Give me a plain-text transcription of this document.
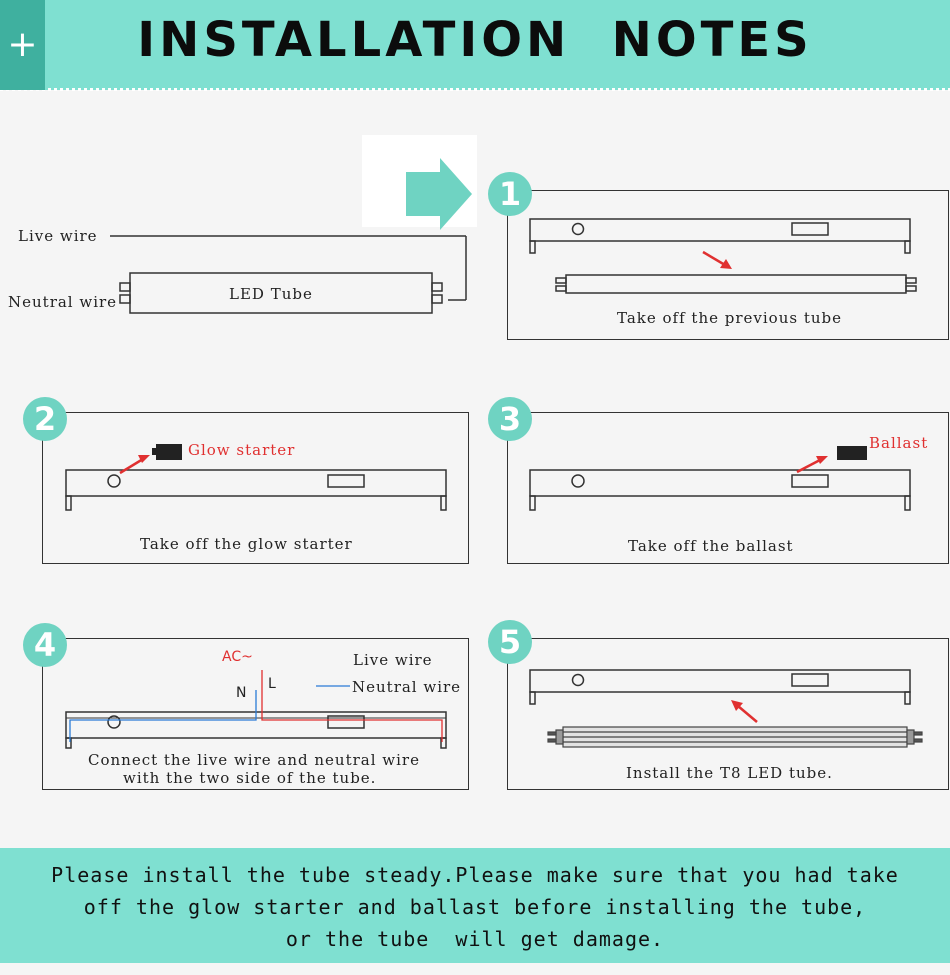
+	INSTALLATION  NOTES
Live wire
Neutral wire	LED Tube
1
2	3
4	5
Take off the previous tube
Glow starter
Take off the glow starter
Ballast
Take off the ballast
AC~
N
L
Live wire
Neutral wire
Connect the live wire and neutral wire
with the two side of the tube.	Install the T8 LED tube.
Please install the tube steady.Please make sure that you had take
off the glow starter and ballast before installing the tube,
or the tube  will get damage.
